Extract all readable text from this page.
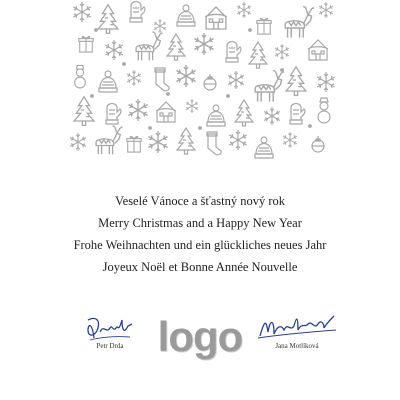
Veselé Vánoce a šťastný nový rok
Merry Christmas and a Happy New Year
Frohe Weihnachten und ein glückliches neues Jahr
Joyeux Noël et Bonne Année Nouvelle
Petr Drda logo	Jana Motlíková
